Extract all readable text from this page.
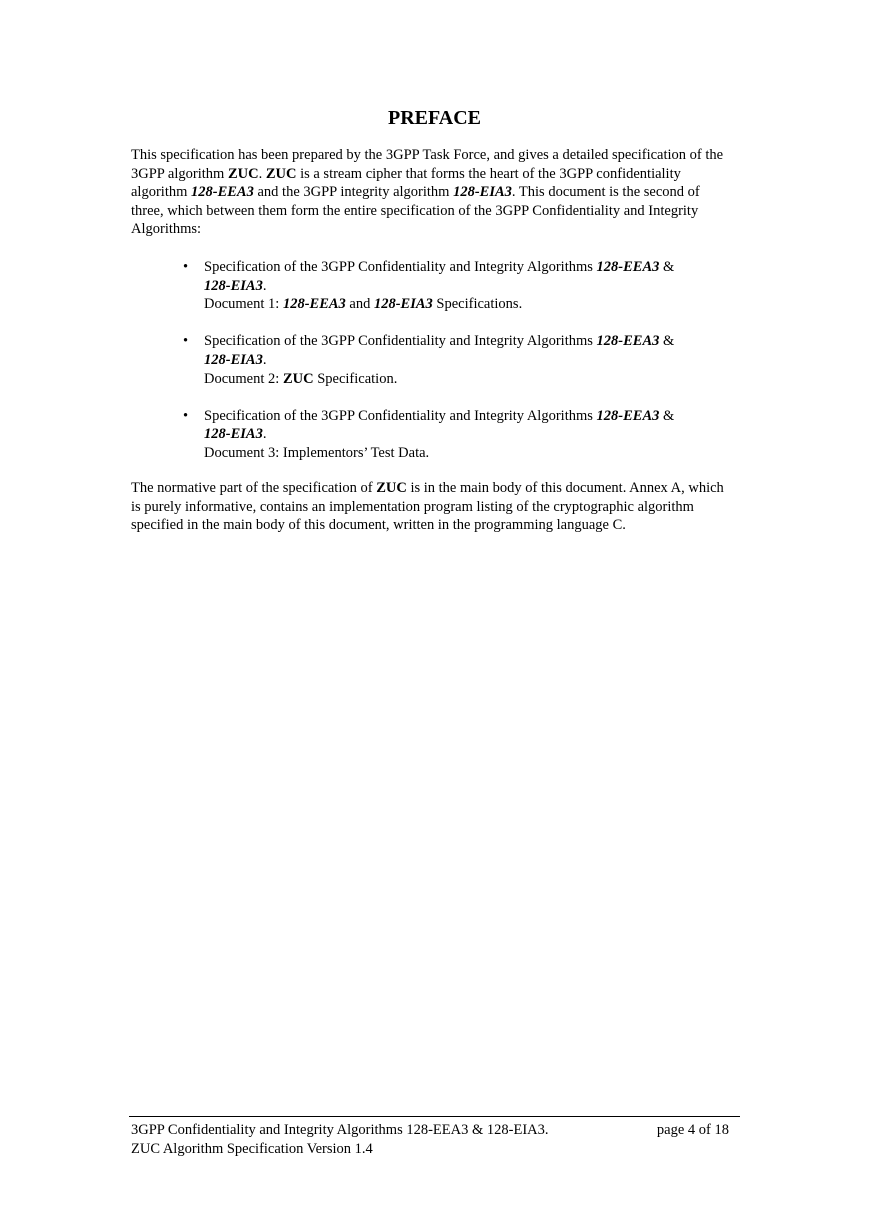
PREFACE

This specification has been prepared by the 3GPP Task Force, and gives a detailed specification of the 3GPP algorithm ZUC. ZUC is a stream cipher that forms the heart of the 3GPP confidentiality algorithm 128-EEA3 and the 3GPP integrity algorithm 128-EIA3. This document is the second of three, which between them form the entire specification of the 3GPP Confidentiality and Integrity Algorithms:

• Specification of the 3GPP Confidentiality and Integrity Algorithms 128-EEA3 &
128-EIA3.
Document 1: 128-EEA3 and 128-EIA3 Specifications.
• Specification of the 3GPP Confidentiality and Integrity Algorithms 128-EEA3 &
128-EIA3.
Document 2: ZUC Specification.
• Specification of the 3GPP Confidentiality and Integrity Algorithms 128-EEA3 &
128-EIA3.
Document 3: Implementors’ Test Data.

The normative part of the specification of ZUC is in the main body of this document. Annex A, which is purely informative, contains an implementation program listing of the cryptographic algorithm specified in the main body of this document, written in the programming language C.

3GPP Confidentiality and Integrity Algorithms 128-EEA3 & 128-EIA3.	page 4 of 18
ZUC Algorithm Specification Version 1.4
